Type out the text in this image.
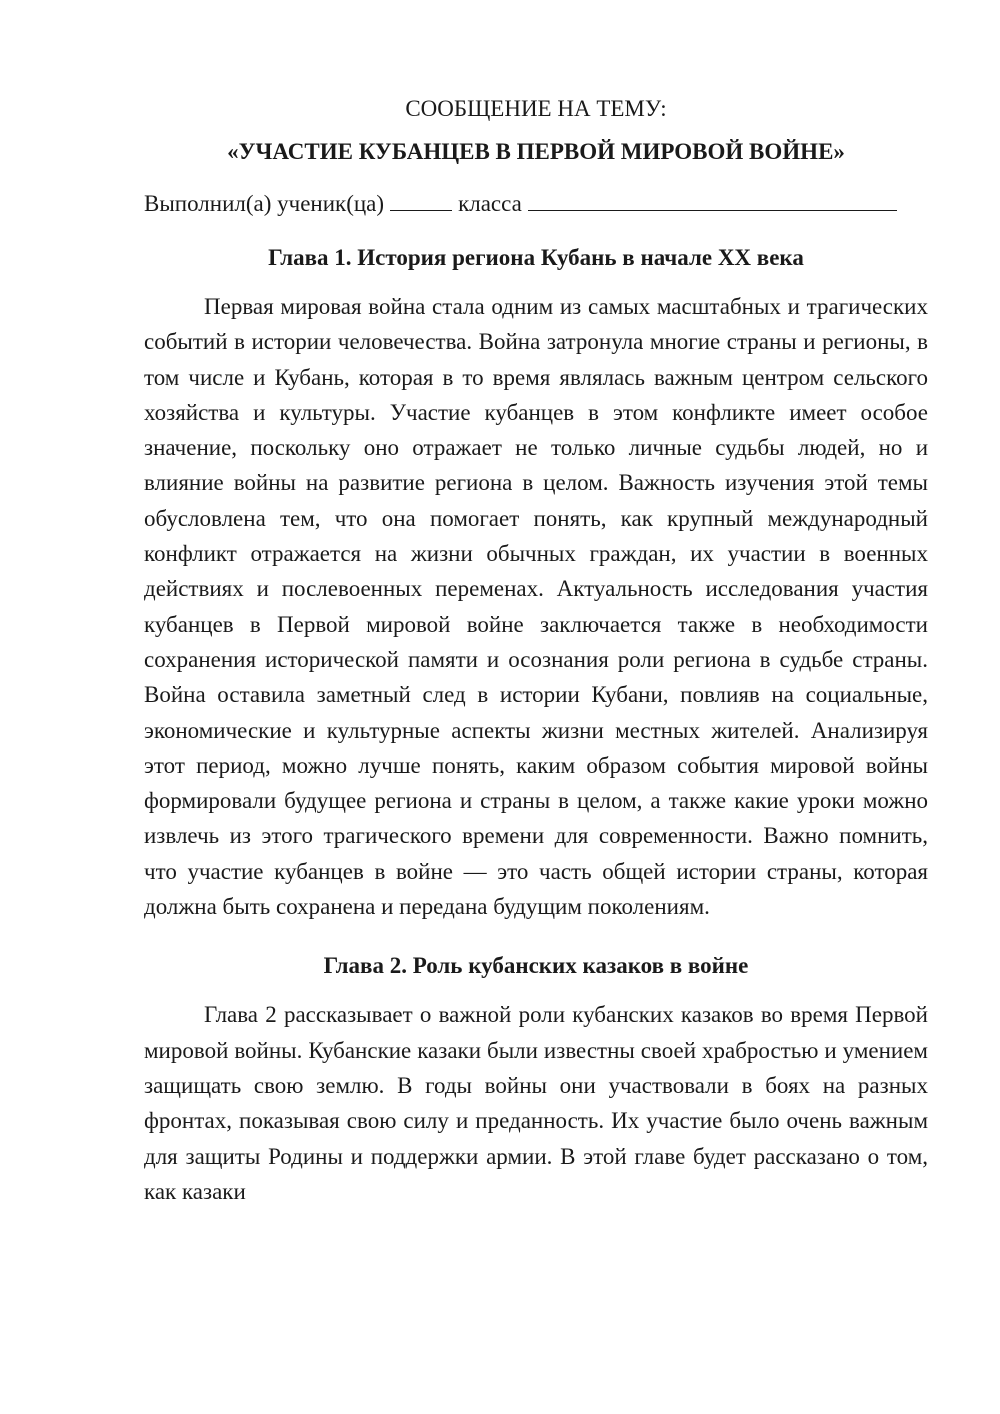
СООБЩЕНИЕ НА ТЕМУ:

«УЧАСТИЕ КУБАНЦЕВ В ПЕРВОЙ МИРОВОЙ ВОЙНЕ»

Выполнил(а) ученик(ца)	класса

Глава 1. История региона Кубань в начале XX века

Первая мировая война стала одним из самых масштабных и трагических событий в истории человечества. Война затронула многие страны и регионы, в том числе и Кубань, которая в то время являлась важным центром сельского хозяйства и культуры. Участие кубанцев в этом конфликте имеет особое значение, поскольку оно отражает не только личные судьбы людей, но и влияние войны на развитие региона в целом. Важность изучения этой темы обусловлена тем, что она помогает понять, как крупный международный конфликт отражается на жизни обычных граждан, их участии в военных действиях и послевоенных переменах. Актуальность исследования участия кубанцев в Первой мировой войне заключается также в необходимости сохранения исторической памяти и осознания роли региона в судьбе страны. Война оставила заметный след в истории Кубани, повлияв на социальные, экономические и культурные аспекты жизни местных жителей. Анализируя этот период, можно лучше понять, каким образом события мировой войны формировали будущее региона и страны в целом, а также какие уроки можно извлечь из этого трагического времени для современности. Важно помнить, что участие кубанцев в войне — это часть общей истории страны, которая должна быть сохранена и передана будущим поколениям.

Глава 2. Роль кубанских казаков в войне

Глава 2 рассказывает о важной роли кубанских казаков во время Первой мировой войны. Кубанские казаки были известны своей храбростью и умением защищать свою землю. В годы войны они участвовали в боях на разных фронтах, показывая свою силу и преданность. Их участие было очень важным для защиты Родины и поддержки армии. В этой главе будет рассказано о том, как казаки
